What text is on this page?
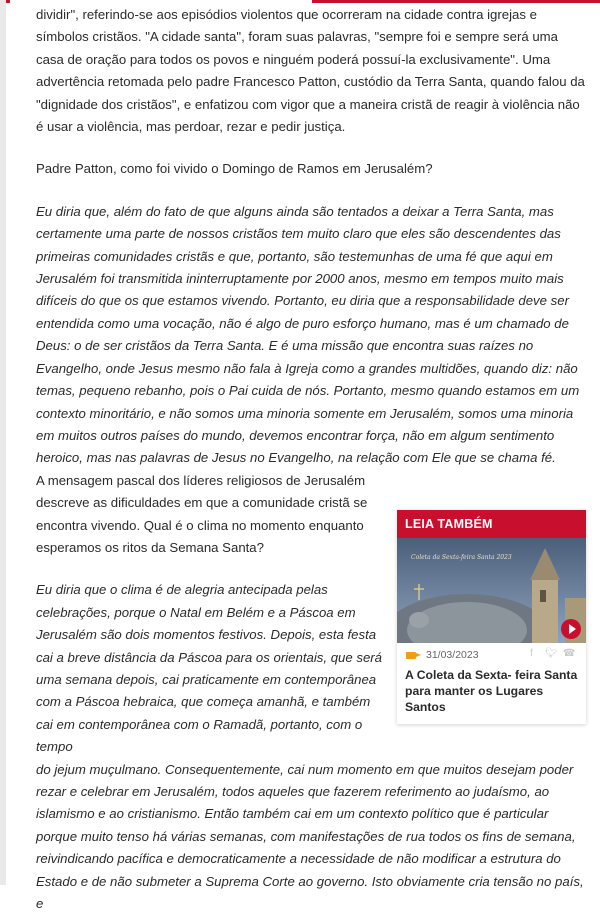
dividir", referindo-se aos episódios violentos que ocorreram na cidade contra igrejas e símbolos cristãos. "A cidade santa", foram suas palavras, "sempre foi e sempre será uma casa de oração para todos os povos e ninguém poderá possuí-la exclusivamente". Uma advertência retomada pelo padre Francesco Patton, custódio da Terra Santa, quando falou da "dignidade dos cristãos", e enfatizou com vigor que a maneira cristã de reagir à violência não é usar a violência, mas perdoar, rezar e pedir justiça.

Padre Patton, como foi vivido o Domingo de Ramos em Jerusalém?

Eu diria que, além do fato de que alguns ainda são tentados a deixar a Terra Santa, mas certamente uma parte de nossos cristãos tem muito claro que eles são descendentes das primeiras comunidades cristãs e que, portanto, são testemunhas de uma fé que aqui em Jerusalém foi transmitida ininterruptamente por 2000 anos, mesmo em tempos muito mais difíceis do que os que estamos vivendo. Portanto, eu diria que a responsabilidade deve ser entendida como uma vocação, não é algo de puro esforço humano, mas é um chamado de Deus: o de ser cristãos da Terra Santa. E é uma missão que encontra suas raízes no Evangelho, onde Jesus mesmo não fala à Igreja como a grandes multidões, quando diz: não temas, pequeno rebanho, pois o Pai cuida de nós. Portanto, mesmo quando estamos em um contexto minoritário, e não somos uma minoria somente em Jerusalém, somos uma minoria em muitos outros países do mundo, devemos encontrar força, não em algum sentimento heroico, mas nas palavras de Jesus no Evangelho, na relação com Ele que se chama fé.

A mensagem pascal dos líderes religiosos de Jerusalém descreve as dificuldades em que a comunidade cristã se encontra vivendo. Qual é o clima no momento enquanto esperamos os ritos da Semana Santa?

Eu diria que o clima é de alegria antecipada pelas celebrações, porque o Natal em Belém e a Páscoa em Jerusalém são dois momentos festivos. Depois, esta festa cai a breve distância da Páscoa para os orientais, que será uma semana depois, cai praticamente em contemporânea com a Páscoa hebraica, que começa amanhã, e também cai em contemporânea com o Ramadã, portanto, com o tempo

do jejum muçulmano. Consequentemente, cai num momento em que muitos desejam poder rezar e celebrar em Jerusalém, todos aqueles que fazerem referimento ao judaísmo, ao islamismo e ao cristianismo. Então também cai em um contexto político que é particular porque muito tenso há várias semanas, com manifestações de rua todos os fins de semana, reivindicando pacífica e democraticamente a necessidade de não modificar a estrutura do Estado e de não submeter a Suprema Corte ao governo. Isto obviamente cria tensão no país, e

LEIA TAMBÉM
Coleta da Sexta-feira Santa 2023
31/03/2023	f 🐦︎ ☎
A Coleta da Sexta- feira Santa para manter os Lugares Santos
